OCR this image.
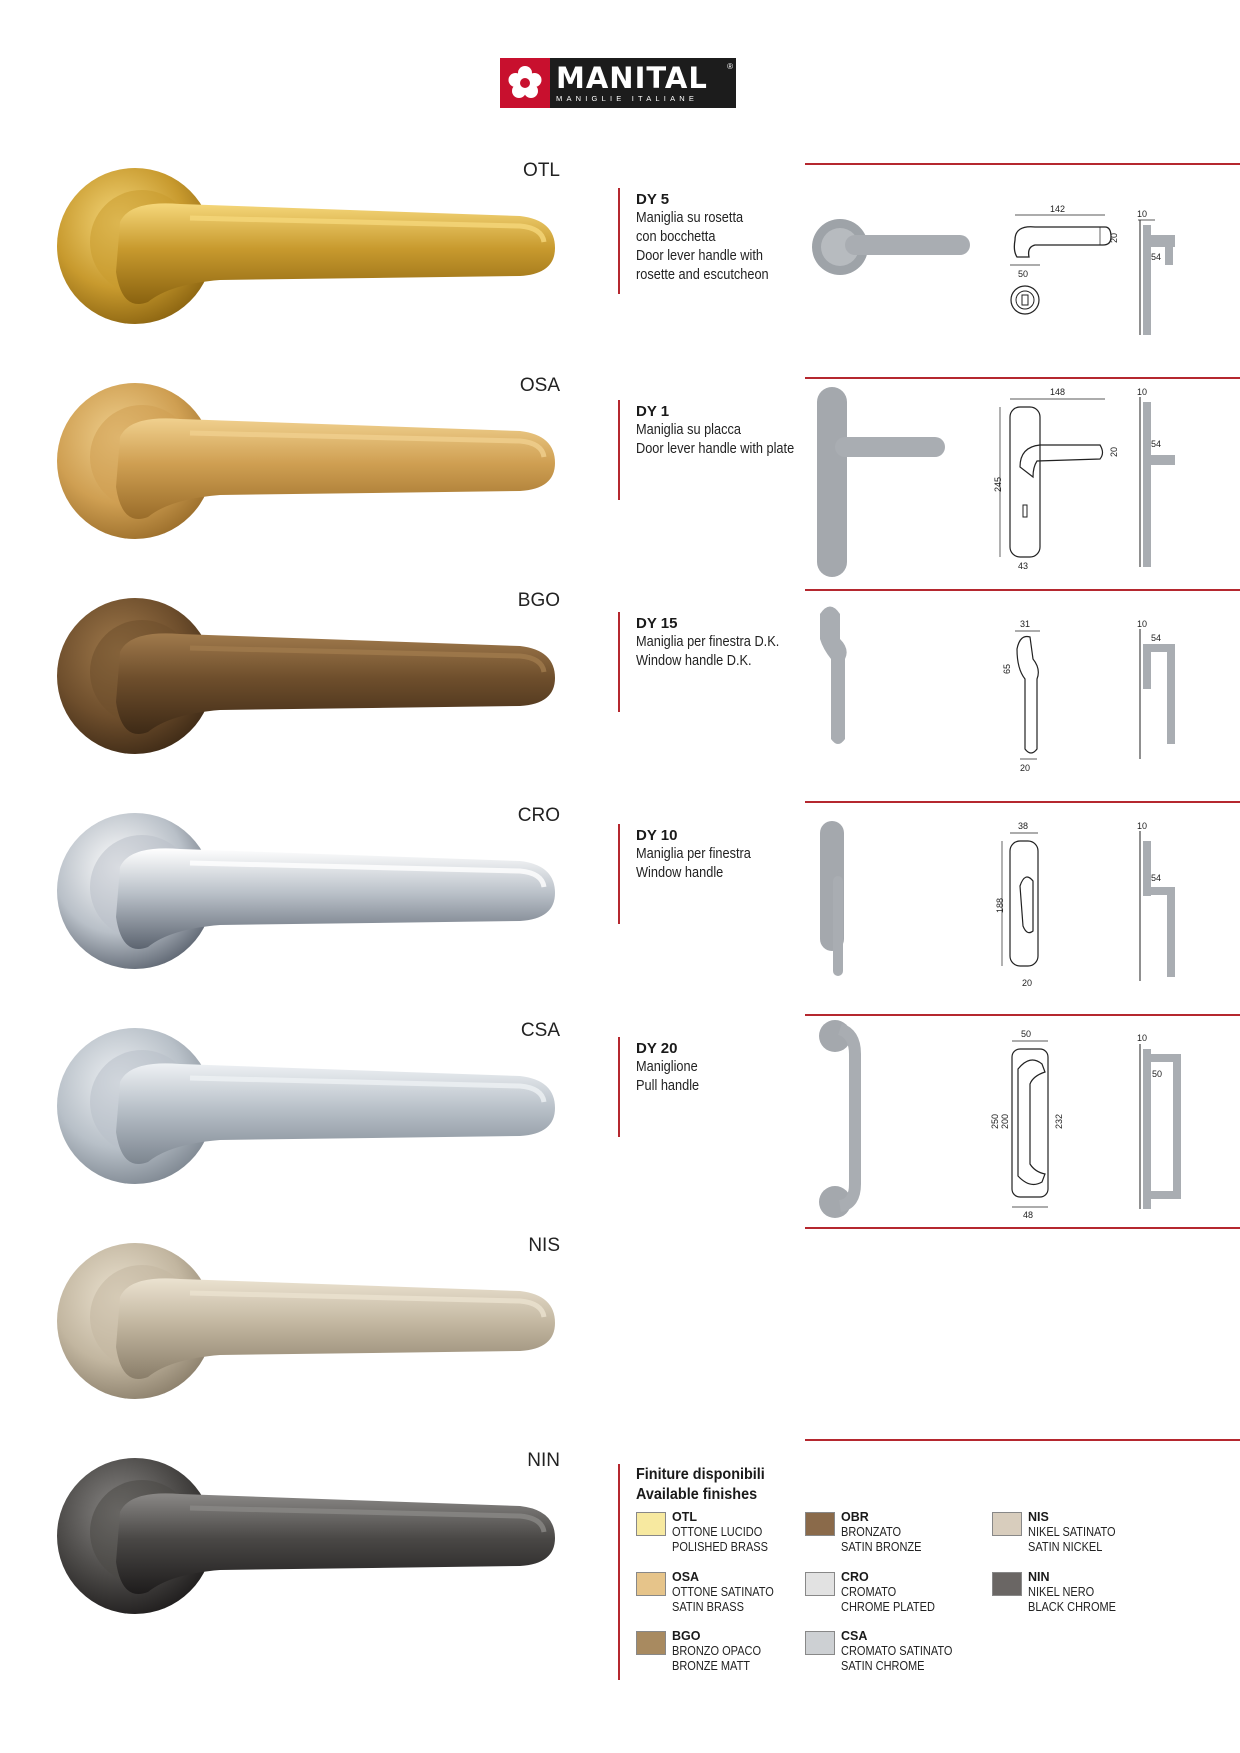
MANITAL
MANIGLIE ITALIANE
®
OTL
OSA
BGO
CRO
CSA
NIS
NIN
DY 5
Maniglia su rosetta
con bocchetta
Door lever handle with
rosette and escutcheon
142
20
50
10
54
DY 1
Maniglia su placca
Door lever handle with plate
148
20
245
43
10
54
DY 15
Maniglia per finestra D.K.
Window handle D.K.
31
65
20
10
54
DY 10
Maniglia per finestra
Window handle
38
188
20
10
54
DY 20
Maniglione
Pull handle
50
250 200	232
48
10
50
Finiture disponibili
Available finishes
OTL
OTTONE LUCIDO
POLISHED BRASS
OSA
OTTONE SATINATO
SATIN BRASS
BGO
BRONZO OPACO
BRONZE MATT
OBR
BRONZATO
SATIN BRONZE
CRO
CROMATO
CHROME PLATED
CSA
CROMATO SATINATO
SATIN CHROME
NIS
NIKEL SATINATO
SATIN NICKEL
NIN
NIKEL NERO
BLACK CHROME
